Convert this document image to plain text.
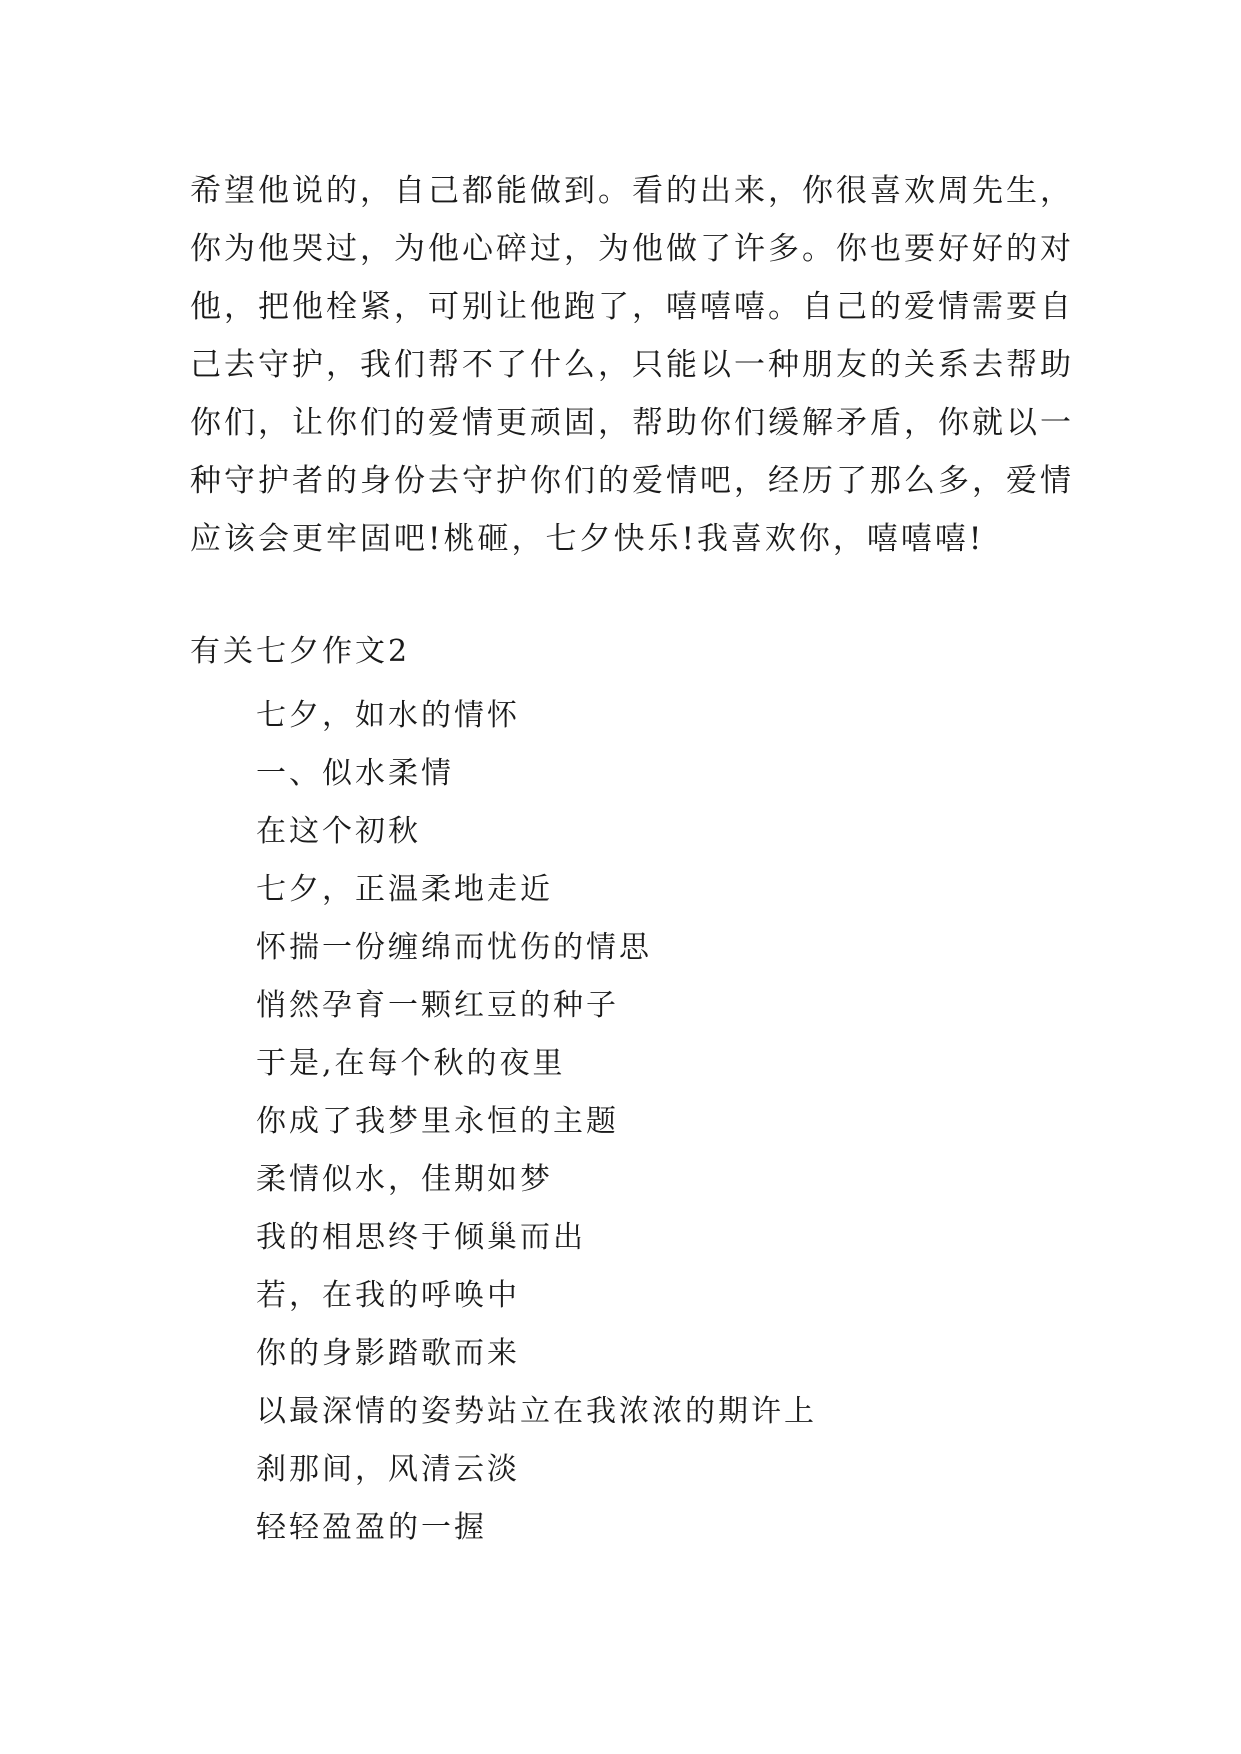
希望他说的，自己都能做到。看的出来，你很喜欢周先生，
你为他哭过，为他心碎过，为他做了许多。你也要好好的对
他，把他栓紧，可别让他跑了，嘻嘻嘻。自己的爱情需要自
己去守护，我们帮不了什么，只能以一种朋友的关系去帮助
你们，让你们的爱情更顽固，帮助你们缓解矛盾，你就以一
种守护者的身份去守护你们的爱情吧，经历了那么多，爱情
应该会更牢固吧!桃砸，七夕快乐!我喜欢你，嘻嘻嘻!
有关七夕作文2
七夕，如水的情怀
一、似水柔情
在这个初秋
七夕，正温柔地走近
怀揣一份缠绵而忧伤的情思
悄然孕育一颗红豆的种子
于是,在每个秋的夜里
你成了我梦里永恒的主题
柔情似水，佳期如梦
我的相思终于倾巢而出
若，在我的呼唤中
你的身影踏歌而来
以最深情的姿势站立在我浓浓的期许上
刹那间，风清云淡
轻轻盈盈的一握
